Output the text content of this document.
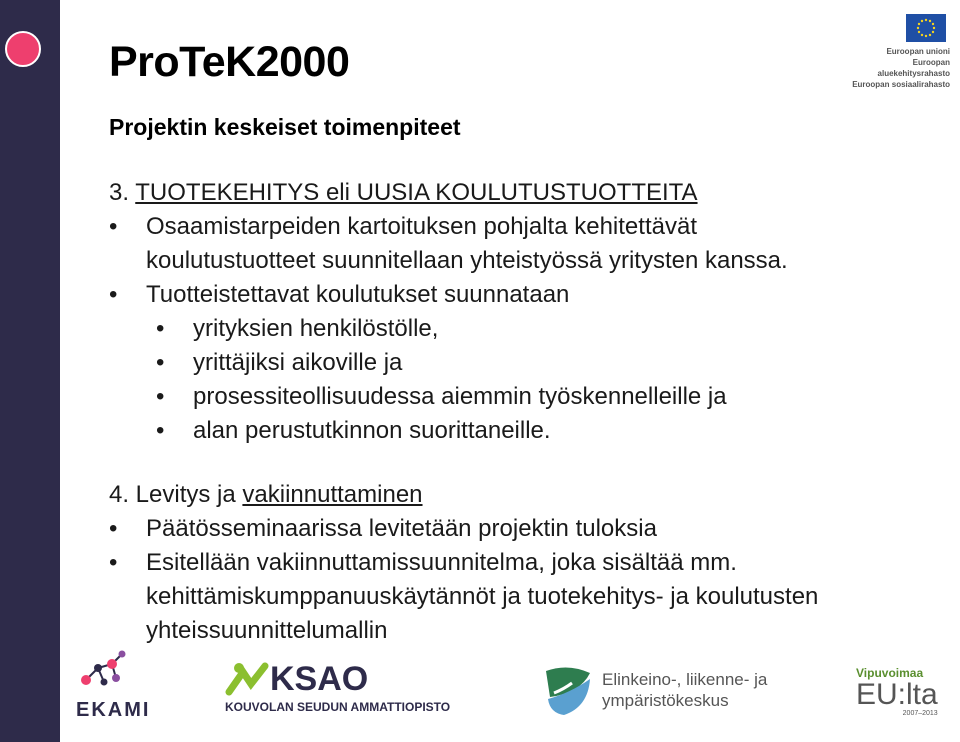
ProTeK2000
Projektin keskeiset toimenpiteet
3. TUOTEKEHITYS eli UUSIA KOULUTUSTUOTTEITA
• Osaamistarpeiden kartoituksen pohjalta kehitettävät koulutustuotteet suunnitellaan yhteistyössä yritysten kanssa.
• Tuotteistettavat koulutukset suunnataan
• yrityksien henkilöstölle,
• yrittäjiksi aikoville ja
• prosessiteollisuudessa aiemmin työskennelleille ja
• alan perustutkinnon suorittaneille.
4. Levitys ja vakiinnuttaminen
• Päätösseminaarissa levitetään projektin tuloksia
• Esitellään vakiinnuttamissuunnitelma, joka sisältää mm. kehittämiskumppanuuskäytännöt ja tuotekehitys- ja koulutusten yhteissuunnittelumallin
Euroopan unioni
Euroopan aluekehitysrahasto
Euroopan sosiaalirahasto
EKAMI
KSAO
KOUVOLAN SEUDUN AMMATTIOPISTO
Elinkeino-, liikenne- ja
ympäristökeskus
Vipuvoimaa
EU:lta
2007–2013
